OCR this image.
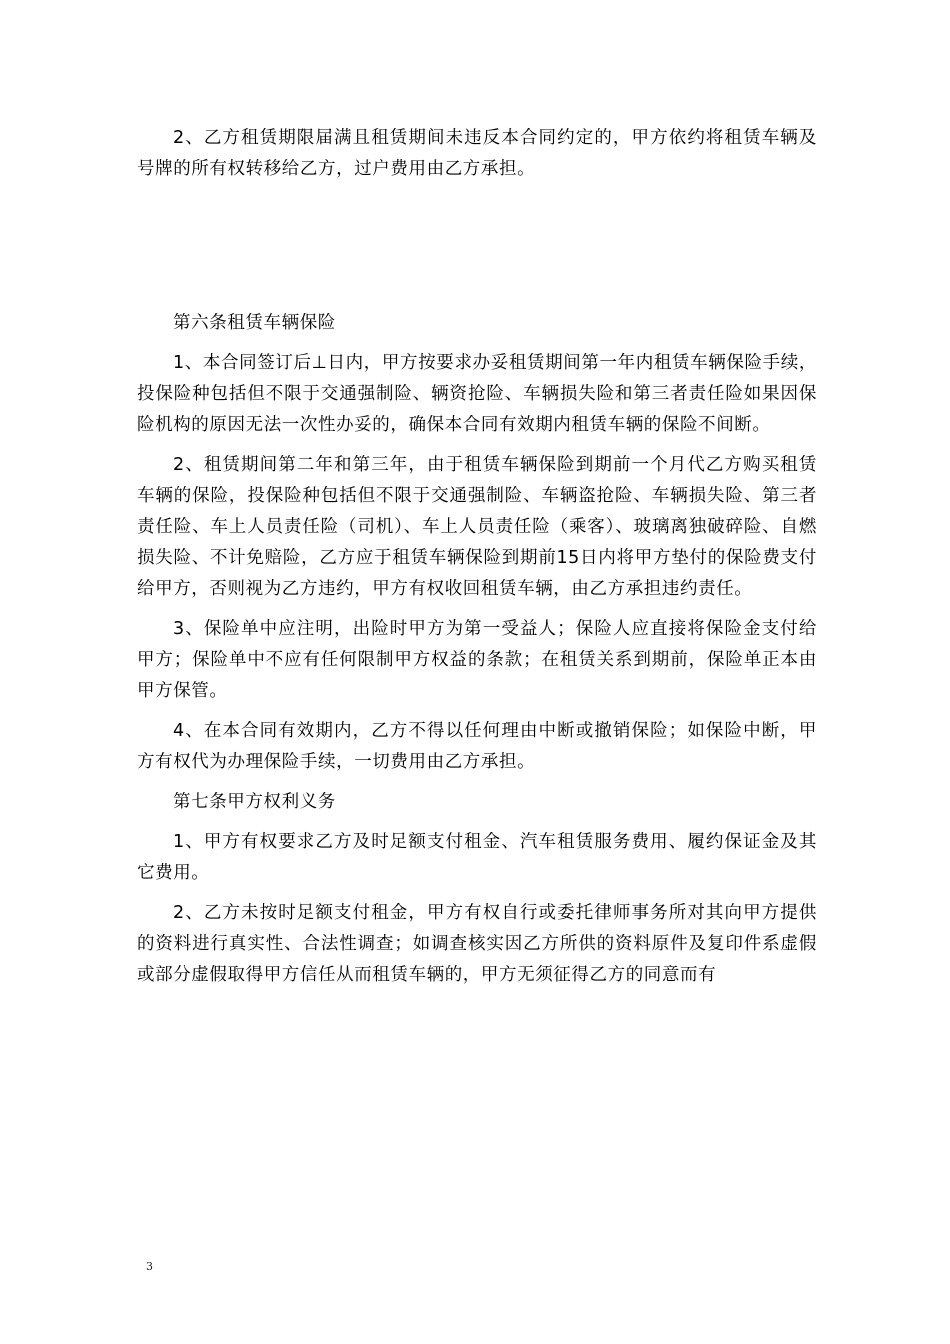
2、乙方租赁期限届满且租赁期间未违反本合同约定的，甲方依约将租赁车辆及号牌的所有权转移给乙方，过户费用由乙方承担。

第六条租赁车辆保险

1、本合同签订后⊥日内，甲方按要求办妥租赁期间第一年内租赁车辆保险手续，投保险种包括但不限于交通强制险、辆资抢险、车辆损失险和第三者责任险如果因保险机构的原因无法一次性办妥的，确保本合同有效期内租赁车辆的保险不间断。

2、租赁期间第二年和第三年，由于租赁车辆保险到期前一个月代乙方购买租赁车辆的保险，投保险种包括但不限于交通强制险、车辆盗抢险、车辆损失险、第三者责任险、车上人员责任险（司机）、车上人员责任险（乘客）、玻璃离独破碎险、自燃损失险、不计免赔险，乙方应于租赁车辆保险到期前15日内将甲方垫付的保险费支付给甲方，否则视为乙方违约，甲方有权收回租赁车辆，由乙方承担违约责任。

3、保险单中应注明，出险时甲方为第一受益人；保险人应直接将保险金支付给甲方；保险单中不应有任何限制甲方权益的条款；在租赁关系到期前，保险单正本由甲方保管。

4、在本合同有效期内，乙方不得以任何理由中断或撤销保险；如保险中断，甲方有权代为办理保险手续，一切费用由乙方承担。

第七条甲方权利义务

1、甲方有权要求乙方及时足额支付租金、汽车租赁服务费用、履约保证金及其它费用。

2、乙方未按时足额支付租金，甲方有权自行或委托律师事务所对其向甲方提供的资料进行真实性、合法性调查；如调查核实因乙方所供的资料原件及复印件系虚假或部分虚假取得甲方信任从而租赁车辆的，甲方无须征得乙方的同意而有

3
